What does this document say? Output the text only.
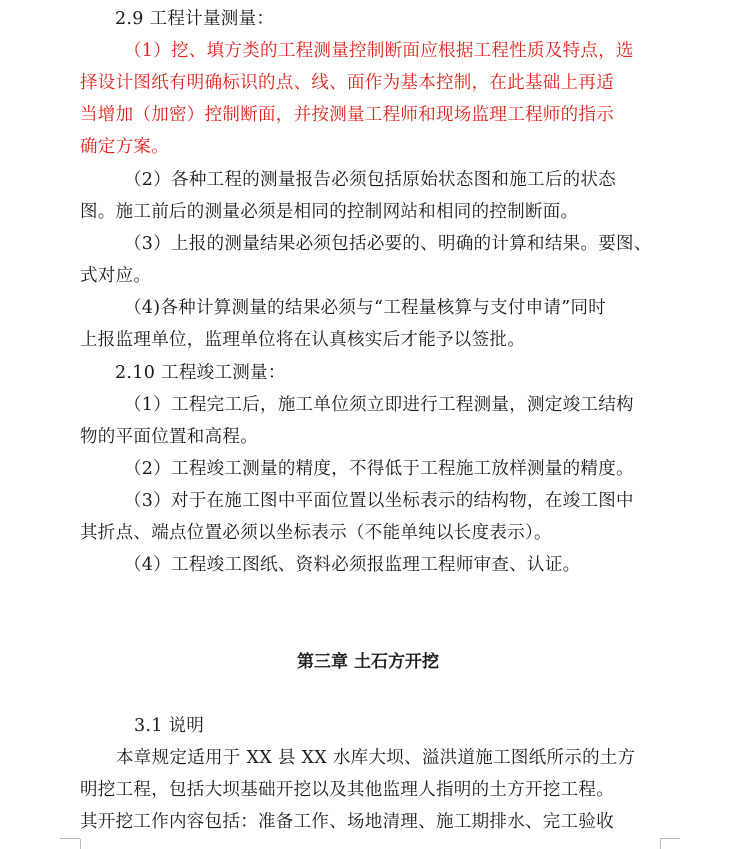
2.9 工程计量测量：
（1）挖、填方类的工程测量控制断面应根据工程性质及特点，选
择设计图纸有明确标识的点、线、面作为基本控制，在此基础上再适
当增加（加密）控制断面，并按测量工程师和现场监理工程师的指示
确定方案。
（2）各种工程的测量报告必须包括原始状态图和施工后的状态
图。施工前后的测量必须是相同的控制网站和相同的控制断面。
（3）上报的测量结果必须包括必要的、明确的计算和结果。要图、
式对应。
（4)各种计算测量的结果必须与“工程量核算与支付申请”同时
上报监理单位，监理单位将在认真核实后才能予以签批。
2.10 工程竣工测量：
（1）工程完工后，施工单位须立即进行工程测量，测定竣工结构
物的平面位置和高程。
（2）工程竣工测量的精度，不得低于工程施工放样测量的精度。
（3）对于在施工图中平面位置以坐标表示的结构物，在竣工图中
其折点、端点位置必须以坐标表示（不能单纯以长度表示）。
（4）工程竣工图纸、资料必须报监理工程师审查、认证。
第三章 土石方开挖
3.1 说明
本章规定适用于 XX 县 XX 水库大坝、溢洪道施工图纸所示的土方
明挖工程，包括大坝基础开挖以及其他监理人指明的土方开挖工程。
其开挖工作内容包括：准备工作、场地清理、施工期排水、完工验收
